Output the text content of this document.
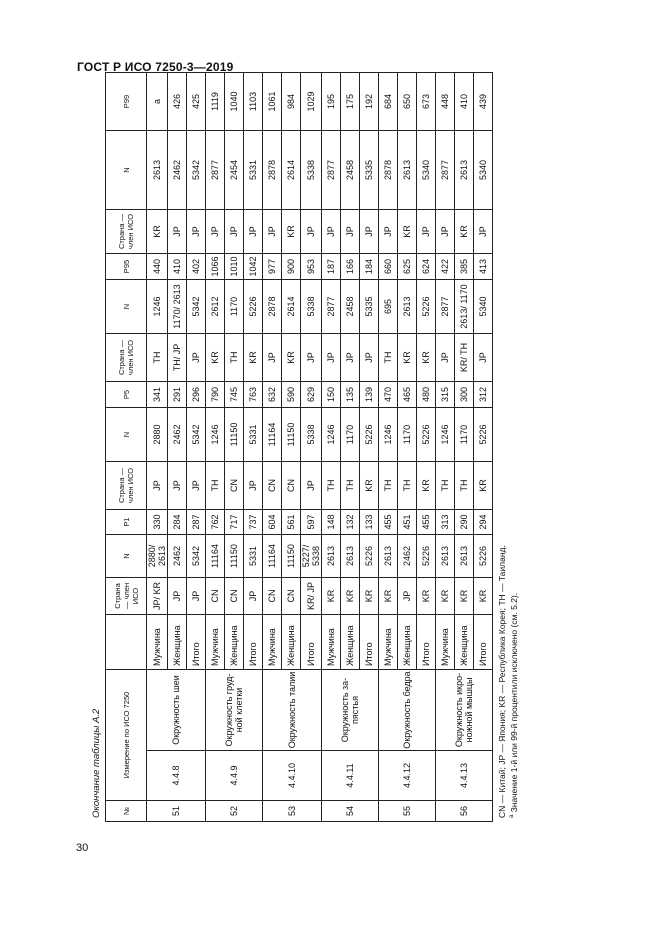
ГОСТ Р ИСО 7250-3—2019
Окончание таблицы А.2	№	Измерение по ИСО 7250			Страна — член ИСО	N	P1	Страна — член ИСО	N	P5	Страна — член ИСО	N	P95	Страна — член ИСО	N	P99	
51	4.4.8	Окружность шеи	Мужчина	JP/ KR	2880/ 2613	330	JP	2880	341	TH	1246	440	KR	2613	a	
			Женщина	JP	2462	284	JP	2462	291	TH/ JP	1170/ 2613	410	JP	2462	426	
			Итого	JP	5342	287	JP	5342	296	JP	5342	402	JP	5342	425	
52	4.4.9	Окружность груд-ной клетки	Мужчина	CN	11164	762	TH	1246	790	KR	2612	1066	JP	2877	1119	
			Женщина	CN	11150	717	CN	11150	745	TH	1170	1010	JP	2454	1040	
			Итого	JP	5331	737	JP	5331	763	KR	5226	1042	JP	5331	1103	
53	4.4.10	Окружность талии	Мужчина	CN	11164	604	CN	11164	632	JP	2878	977	JP	2878	1061	
			Женщина	CN	11150	561	CN	11150	590	KR	2614	900	KR	2614	984	
			Итого	KR/ JP	5227/ 5338	597	JP	5338	629	JP	5338	953	JP	5338	1029	
54	4.4.11	Окружность за-пястья	Мужчина	KR	2613	148	TH	1246	150	JP	2877	187	JP	2877	195	
			Женщина	KR	2613	132	TH	1170	135	JP	2458	166	JP	2458	175	
			Итого	KR	5226	133	KR	5226	139	JP	5335	184	JP	5335	192	
55	4.4.12	Окружность бедра	Мужчина	KR	2613	455	TH	1246	470	TH	695	660	JP	2878	684	
			Женщина	JP	2462	451	TH	1170	465	KR	2613	625	KR	2613	650	
			Итого	KR	5226	455	KR	5226	480	KR	5226	624	JP	5340	673	
56	4.4.13	Окружность икро-ножной мышцы	Мужчина	KR	2613	313	TH	1246	315	JP	2877	422	JP	2877	448	
			Женщина	KR	2613	290	TH	1170	300	KR/ TH	2613/ 1170	385	KR	2613	410	
			Итого	KR	5226	294	KR	5226	312	JP	5340	413	JP	5340	439	
CN — Китай; JP — Япония; KR — Республика Корея; TH — Таиланд. $^a$ Значение 1-й или 99-й процентили исключено (см. 5.2).
30
